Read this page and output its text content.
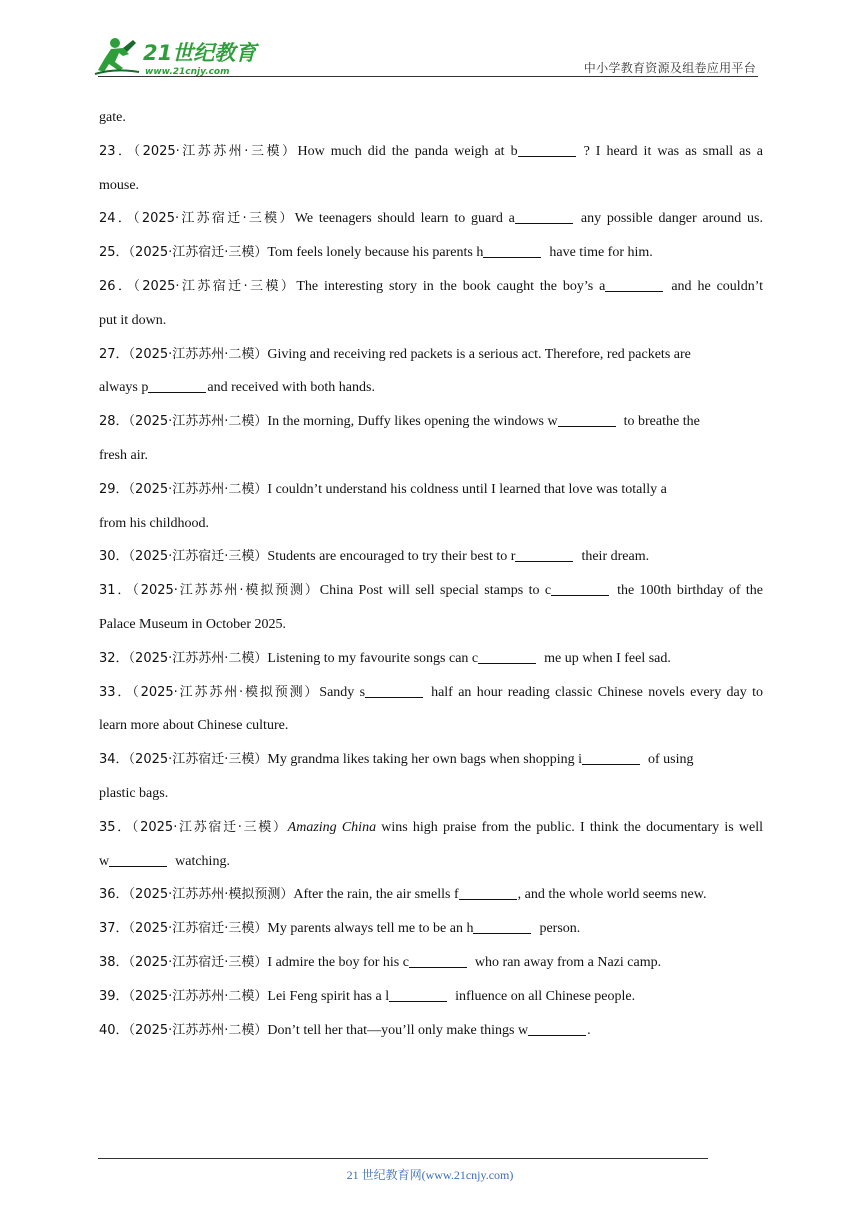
21世纪教育
www.21cnjy.com	中小学教育资源及组卷应用平台
gate.
23．（2025·江苏苏州·三模）How much did the panda weigh at b	? I heard it was as small as a
mouse.
24．（2025·江苏宿迁·三模）We teenagers should learn to guard a	any possible danger around us.
25．（2025·江苏宿迁·三模）Tom feels lonely because his parents h	have time for him.
26．（2025·江苏宿迁·三模）The interesting story in the book caught the boy’s a	and he couldn’t
put it down.
27．（2025·江苏苏州·二模）Giving and receiving red packets is a serious act. Therefore, red packets are
always p	and received with both hands.
28．（2025·江苏苏州·二模）In the morning, Duffy likes opening the windows w	to breathe the
fresh air.
29．（2025·江苏苏州·二模）I couldn’t understand his coldness until I learned that love was totally a
from his childhood.
30．（2025·江苏宿迁·三模）Students are encouraged to try their best to r	their dream.
31．（2025·江苏苏州·模拟预测）China Post will sell special stamps to c	the 100th birthday of the
Palace Museum in October 2025.
32．（2025·江苏苏州·二模）Listening to my favourite songs can c	me up when I feel sad.
33．（2025·江苏苏州·模拟预测）Sandy s	half an hour reading classic Chinese novels every day to
learn more about Chinese culture.
34．（2025·江苏宿迁·三模）My grandma likes taking her own bags when shopping i	of using
plastic bags.
35．（2025·江苏宿迁·三模）Amazing China wins high praise from the public. I think the documentary is well
w	watching.
36．（2025·江苏苏州·模拟预测）After the rain, the air smells f	, and the whole world seems new.
37．（2025·江苏宿迁·三模）My parents always tell me to be an h	person.
38．（2025·江苏宿迁·三模）I admire the boy for his c	who ran away from a Nazi camp.
39．（2025·江苏苏州·二模）Lei Feng spirit has a l	influence on all Chinese people.
40．（2025·江苏苏州·二模）Don’t tell her that—you’ll only make things w	.
21 世纪教育网(www.21cnjy.com)
